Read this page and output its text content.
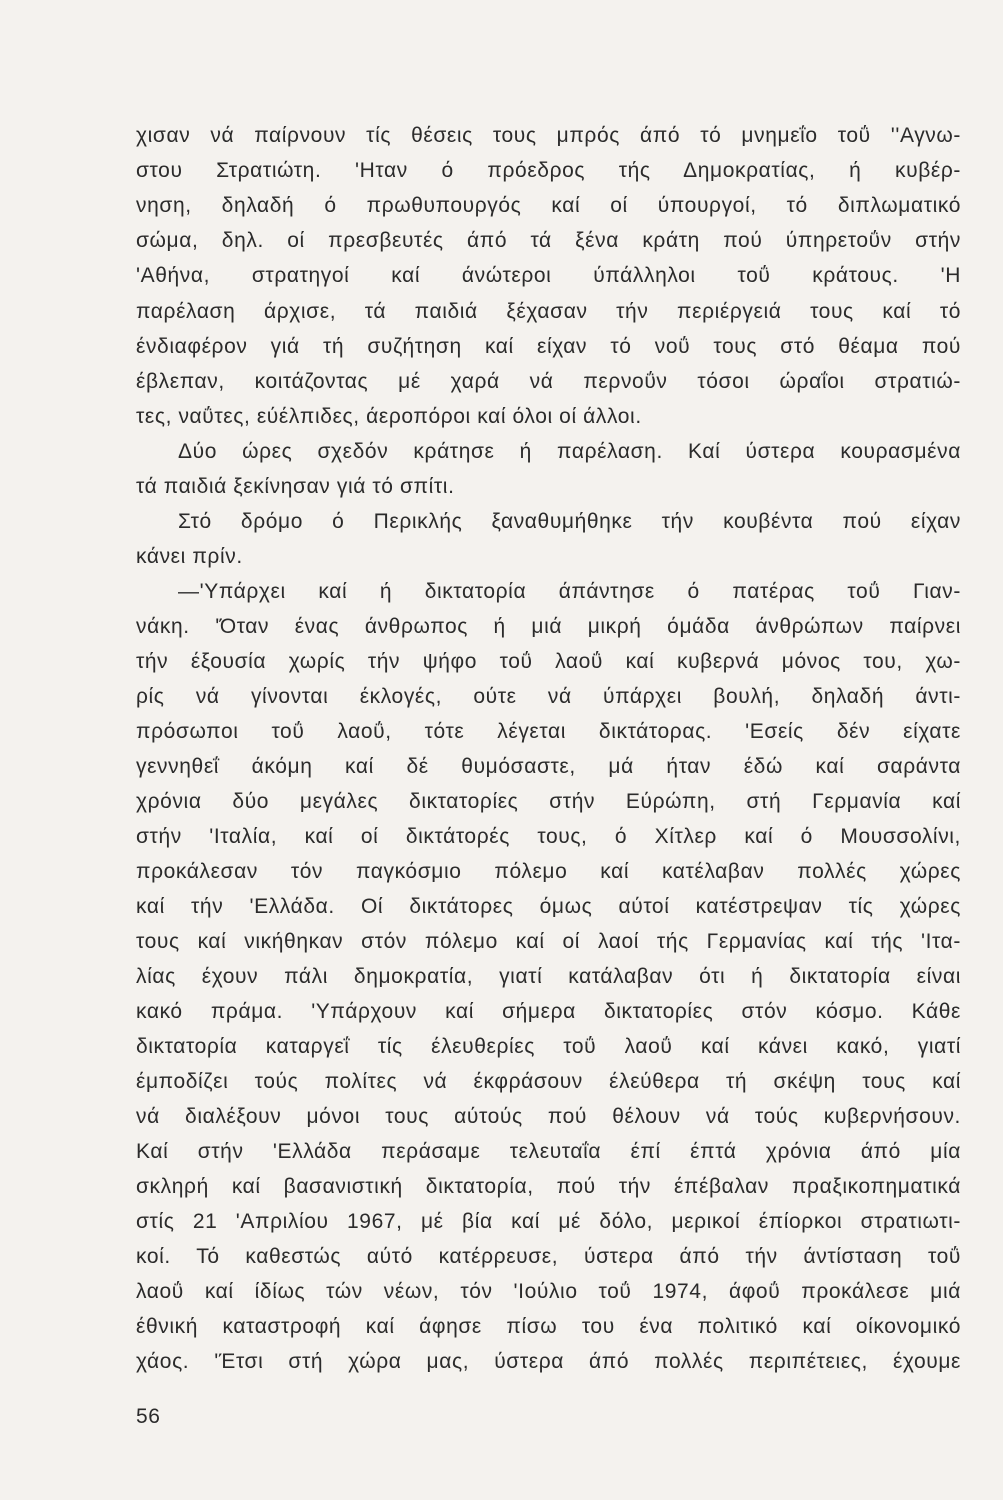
χισαν νά παίρνουν τίς θέσεις τους μπρός άπό τό μνημεΐο τοΰ ''Αγνω-
στου Στρατιώτη. 'Ηταν ό πρόεδρος τής Δημοκρατίας, ή κυβέρ-
νηση, δηλαδή ό πρωθυπουργός καί οί ύπουργοί, τό διπλωματικό
σώμα, δηλ. οί πρεσβευτές άπό τά ξένα κράτη πού ύπηρετοΰν στήν
'Αθήνα, στρατηγοί καί άνώτεροι ύπάλληλοι τοΰ κράτους. 'Η
παρέλαση άρχισε, τά παιδιά ξέχασαν τήν περιέργειά τους καί τό
ένδιαφέρον γιά τή συζήτηση καί είχαν τό νοΰ τους στό θέαμα πού
έβλεπαν, κοιτάζοντας μέ χαρά νά περνοΰν τόσοι ώραΐοι στρατιώ-
τες, ναΰτες, εύέλπιδες, άεροπόροι καί όλοι οί άλλοι.
Δύο ώρες σχεδόν κράτησε ή παρέλαση. Καί ύστερα κουρασμένα
τά παιδιά ξεκίνησαν γιά τό σπίτι.
Στό δρόμο ό Περικλής ξαναθυμήθηκε τήν κουβέντα πού είχαν
κάνει πρίν.
—'Υπάρχει καί ή δικτατορία άπάντησε ό πατέρας τοΰ Γιαν-
νάκη. 'Όταν ένας άνθρωπος ή μιά μικρή όμάδα άνθρώπων παίρνει
τήν έξουσία χωρίς τήν ψήφο τοΰ λαοΰ καί κυβερνά μόνος του, χω-
ρίς νά γίνονται έκλογές, ούτε νά ύπάρχει βουλή, δηλαδή άντι-
πρόσωποι τοΰ λαοΰ, τότε λέγεται δικτάτορας. 'Εσείς δέν είχατε
γεννηθεΐ άκόμη καί δέ θυμόσαστε, μά ήταν έδώ καί σαράντα
χρόνια δύο μεγάλες δικτατορίες στήν Εύρώπη, στή Γερμανία καί
στήν 'Ιταλία, καί οί δικτάτορές τους, ό Χίτλερ καί ό Μουσσολίνι,
προκάλεσαν τόν παγκόσμιο πόλεμο καί κατέλαβαν πολλές χώρες
καί τήν 'Ελλάδα. Οί δικτάτορες όμως αύτοί κατέστρεψαν τίς χώρες
τους καί νικήθηκαν στόν πόλεμο καί οί λαοί τής Γερμανίας καί τής 'Ιτα-
λίας έχουν πάλι δημοκρατία, γιατί κατάλαβαν ότι ή δικτατορία είναι
κακό πράμα. 'Υπάρχουν καί σήμερα δικτατορίες στόν κόσμο. Κάθε
δικτατορία καταργεΐ τίς έλευθερίες τοΰ λαοΰ καί κάνει κακό, γιατί
έμποδίζει τούς πολίτες νά έκφράσουν έλεύθερα τή σκέψη τους καί
νά διαλέξουν μόνοι τους αύτούς πού θέλουν νά τούς κυβερνήσουν.
Καί στήν 'Ελλάδα περάσαμε τελευταΐα έπί έπτά χρόνια άπό μία
σκληρή καί βασανιστική δικτατορία, πού τήν έπέβαλαν πραξικοπηματικά
στίς 21 'Απριλίου 1967, μέ βία καί μέ δόλο, μερικοί έπίορκοι στρατιωτι-
κοί. Τό καθεστώς αύτό κατέρρευσε, ύστερα άπό τήν άντίσταση τοΰ
λαοΰ καί ίδίως τών νέων, τόν 'Ιούλιο τοΰ 1974, άφοΰ προκάλεσε μιά
έθνική καταστροφή καί άφησε πίσω του ένα πολιτικό καί οίκονομικό
χάος. 'Έτσι στή χώρα μας, ύστερα άπό πολλές περιπέτειες, έχουμε
56
